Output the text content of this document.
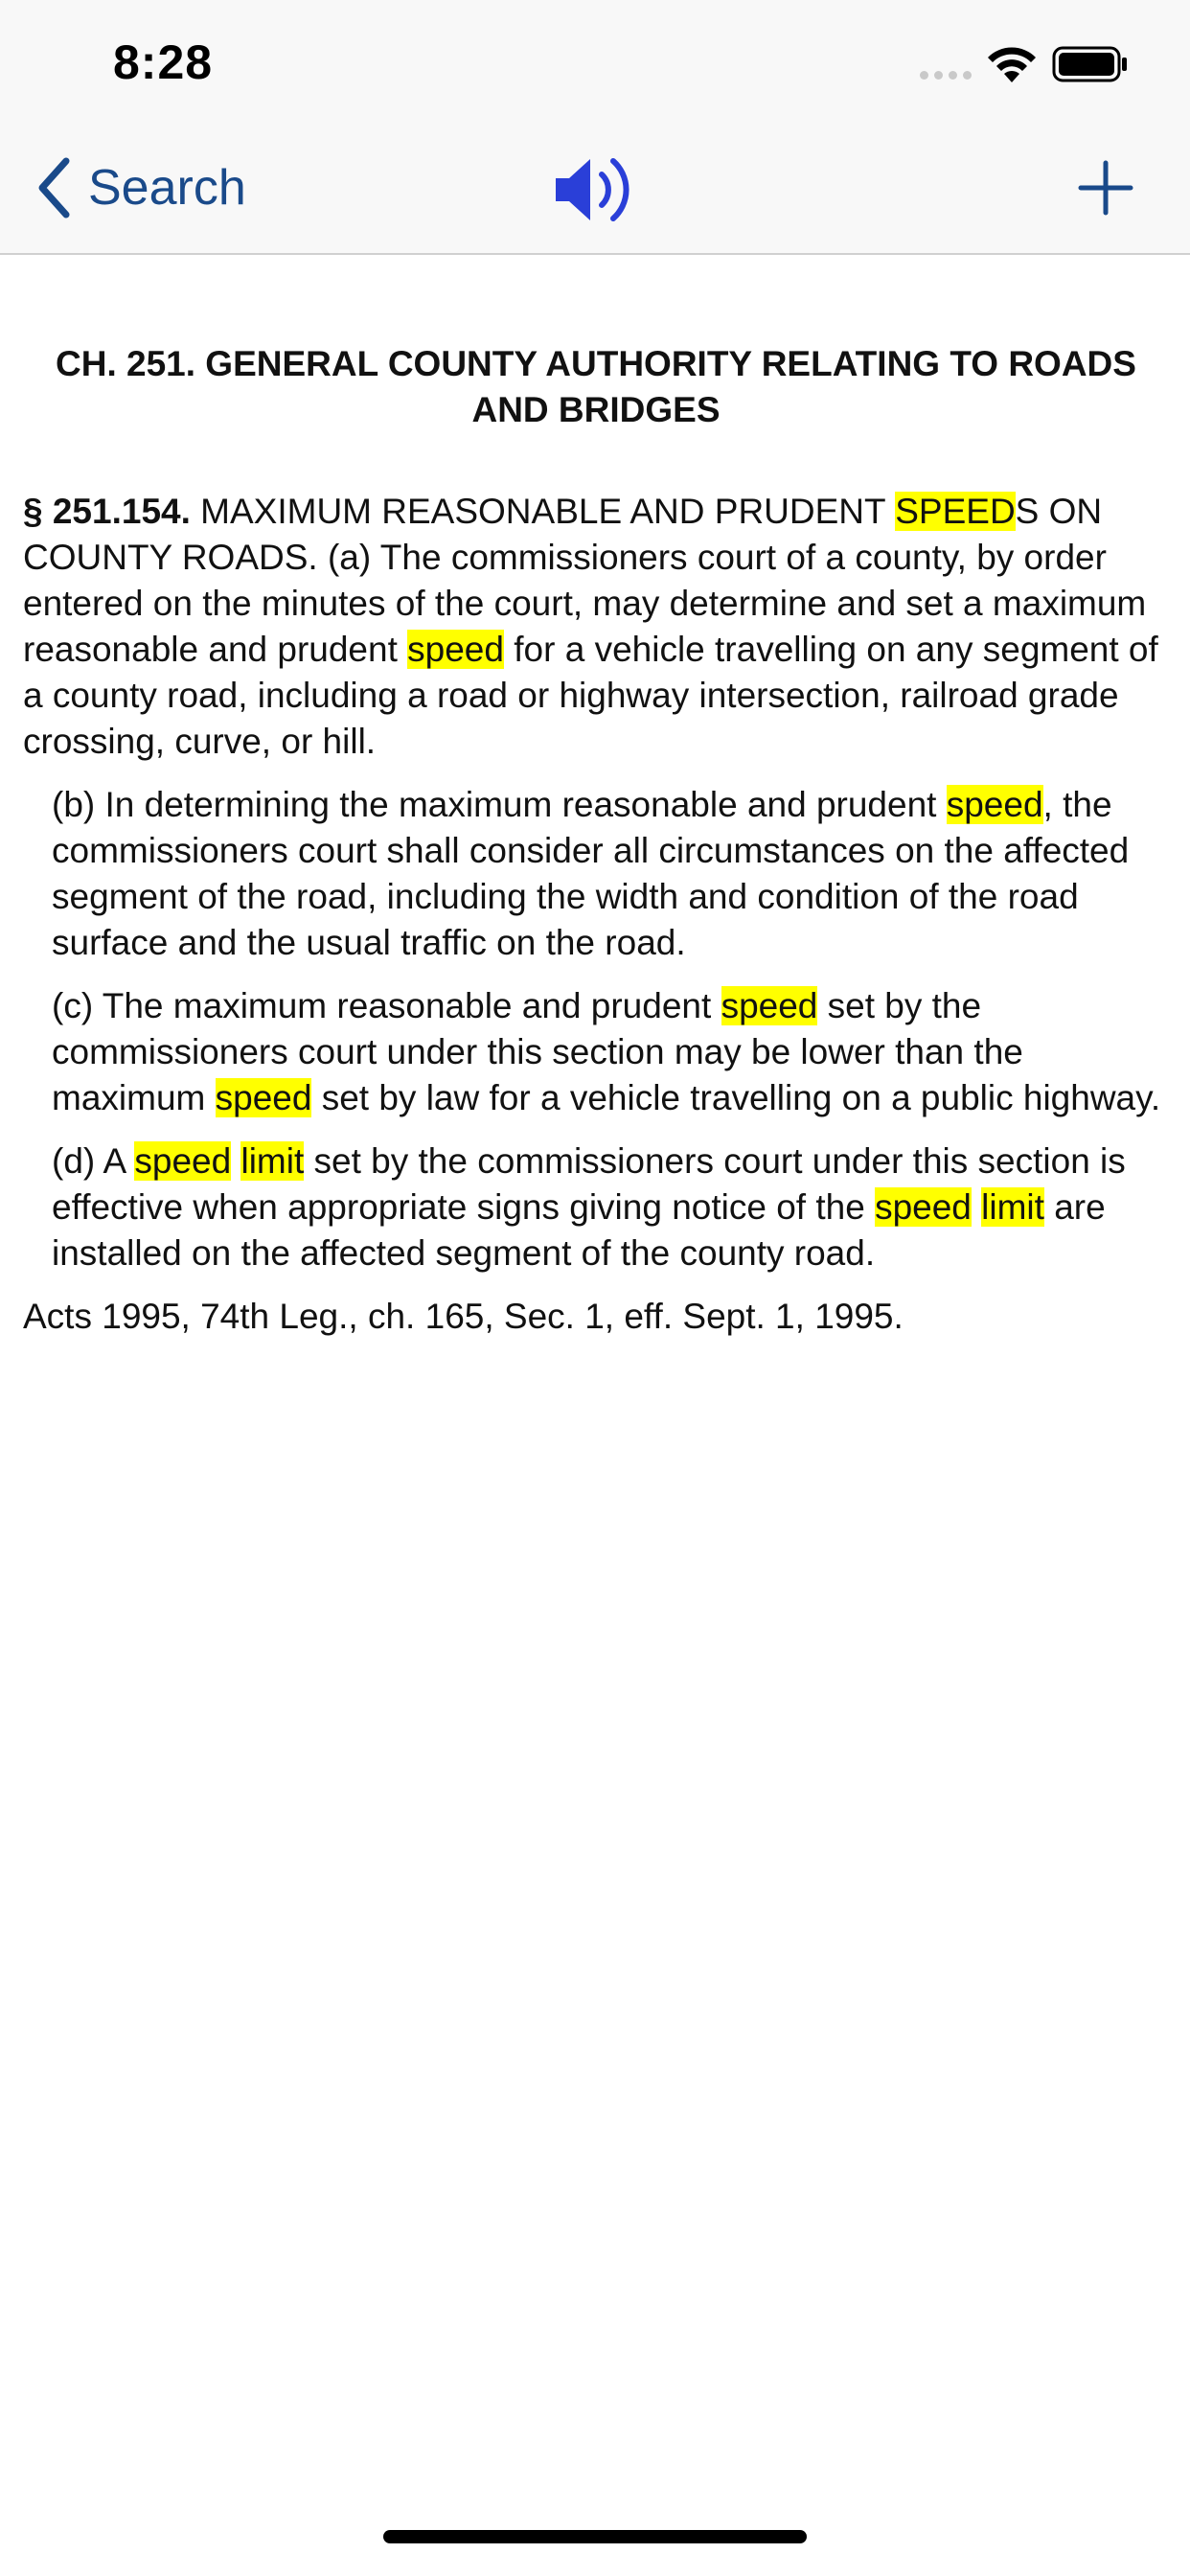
8:28
Search
CH. 251. GENERAL COUNTY AUTHORITY RELATING TO ROADS AND BRIDGES

§ 251.154. MAXIMUM REASONABLE AND PRUDENT SPEEDS ON COUNTY ROADS. (a) The commissioners court of a county, by order entered on the minutes of the court, may determine and set a maximum reasonable and prudent speed for a vehicle travelling on any segment of a county road, including a road or highway intersection, railroad grade crossing, curve, or hill.

(b) In determining the maximum reasonable and prudent speed, the commissioners court shall consider all circumstances on the affected segment of the road, including the width and condition of the road surface and the usual traffic on the road.

(c) The maximum reasonable and prudent speed set by the commissioners court under this section may be lower than the maximum speed set by law for a vehicle travelling on a public highway.

(d) A speed limit set by the commissioners court under this section is effective when appropriate signs giving notice of the speed limit are installed on the affected segment of the county road.

Acts 1995, 74th Leg., ch. 165, Sec. 1, eff. Sept. 1, 1995.
